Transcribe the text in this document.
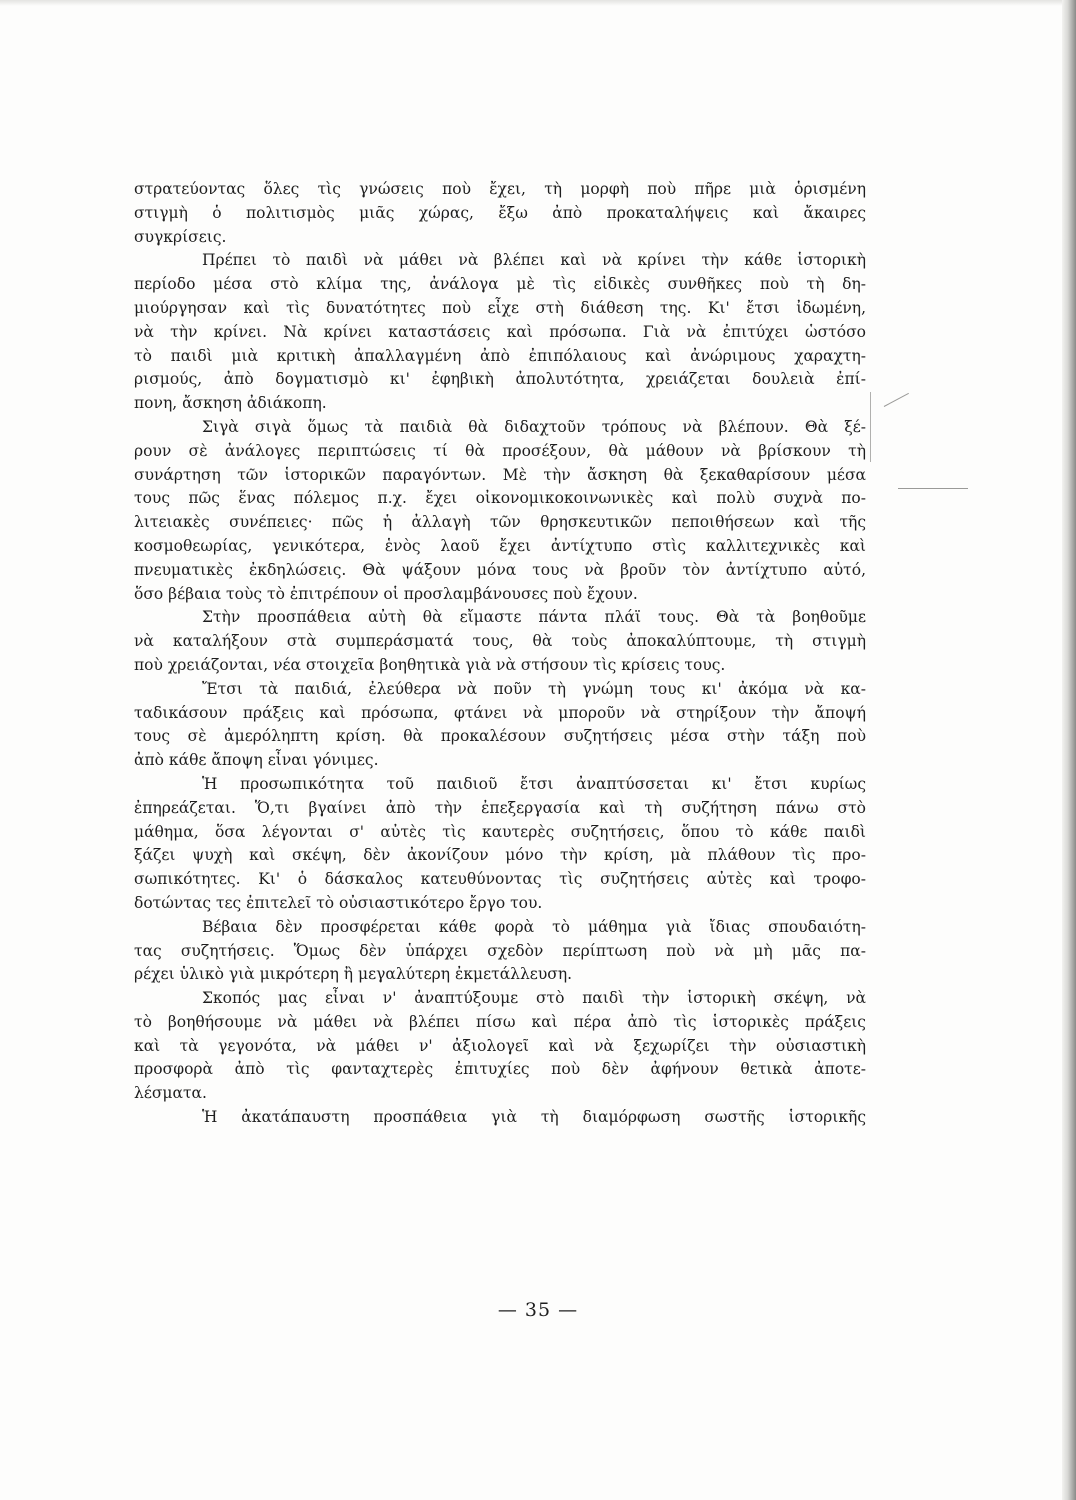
στρατεύοντας ὅλες τὶς γνώσεις ποὺ ἔχει, τὴ μορφὴ ποὺ πῆρε μιὰ ὁρισμένη
στιγμὴ ὁ πολιτισμὸς μιᾶς χώρας, ἔξω ἀπὸ προκαταλήψεις καὶ ἄκαιρες
συγκρίσεις.
Πρέπει τὸ παιδὶ νὰ μάθει νὰ βλέπει καὶ νὰ κρίνει τὴν κάθε ἱστορικὴ
περίοδο μέσα στὸ κλίμα της, ἀνάλογα μὲ τὶς εἰδικὲς συνθῆκες ποὺ τὴ δη-
μιούργησαν καὶ τὶς δυνατότητες ποὺ εἶχε στὴ διάθεση της. Κι' ἔτσι ἰδωμένη,
νὰ τὴν κρίνει. Νὰ κρίνει καταστάσεις καὶ πρόσωπα. Γιὰ νὰ ἐπιτύχει ὡστόσο
τὸ παιδὶ μιὰ κριτικὴ ἀπαλλαγμένη ἀπὸ ἐπιπόλαιους καὶ ἀνώριμους χαραχτη-
ρισμούς, ἀπὸ δογματισμὸ κι' ἐφηβικὴ ἀπολυτότητα, χρειάζεται δουλειὰ ἐπί-
πονη, ἄσκηση ἀδιάκοπη.
Σιγὰ σιγὰ ὅμως τὰ παιδιὰ θὰ διδαχτοῦν τρόπους νὰ βλέπουν. Θὰ ξέ-
ρουν σὲ ἀνάλογες περιπτώσεις τί θὰ προσέξουν, θὰ μάθουν νὰ βρίσκουν τὴ
συνάρτηση τῶν ἱστορικῶν παραγόντων. Μὲ τὴν ἄσκηση θὰ ξεκαθαρίσουν μέσα
τους πῶς ἕνας πόλεμος π.χ. ἔχει οἰκονομικοκοινωνικὲς καὶ πολὺ συχνὰ πο-
λιτειακὲς συνέπειες· πῶς ἡ ἀλλαγὴ τῶν θρησκευτικῶν πεποιθήσεων καὶ τῆς
κοσμοθεωρίας, γενικότερα, ἑνὸς λαοῦ ἔχει ἀντίχτυπο στὶς καλλιτεχνικὲς καὶ
πνευματικὲς ἐκδηλώσεις. Θὰ ψάξουν μόνα τους νὰ βροῦν τὸν ἀντίχτυπο αὐτό,
ὅσο βέβαια τοὺς τὸ ἐπιτρέπουν οἱ προσλαμβάνουσες ποὺ ἔχουν.
Στὴν προσπάθεια αὐτὴ θὰ εἴμαστε πάντα πλάϊ τους. Θὰ τὰ βοηθοῦμε
νὰ καταλήξουν στὰ συμπεράσματά τους, θὰ τοὺς ἀποκαλύπτουμε, τὴ στιγμὴ
ποὺ χρειάζονται, νέα στοιχεῖα βοηθητικὰ γιὰ νὰ στήσουν τὶς κρίσεις τους.
Ἔτσι τὰ παιδιά, ἐλεύθερα νὰ ποῦν τὴ γνώμη τους κι' ἀκόμα νὰ κα-
ταδικάσουν πράξεις καὶ πρόσωπα, φτάνει νὰ μποροῦν νὰ στηρίξουν τὴν ἄποψή
τους σὲ ἀμερόληπτη κρίση. θὰ προκαλέσουν συζητήσεις μέσα στὴν τάξη ποὺ
ἀπὸ κάθε ἄποψη εἶναι γόνιμες.
Ἡ προσωπικότητα τοῦ παιδιοῦ ἔτσι ἀναπτύσσεται κι' ἔτσι κυρίως
ἐπηρεάζεται. Ὅ,τι βγαίνει ἀπὸ τὴν ἐπεξεργασία καὶ τὴ συζήτηση πάνω στὸ
μάθημα, ὅσα λέγονται σ' αὐτὲς τὶς καυτερὲς συζητήσεις, ὅπου τὸ κάθε παιδὶ
ξάζει ψυχὴ καὶ σκέψη, δὲν ἀκονίζουν μόνο τὴν κρίση, μὰ πλάθουν τὶς προ-
σωπικότητες. Κι' ὁ δάσκαλος κατευθύνοντας τὶς συζητήσεις αὐτὲς καὶ τροφο-
δοτώντας τες ἐπιτελεῖ τὸ οὐσιαστικότερο ἔργο του.
Βέβαια δὲν προσφέρεται κάθε φορὰ τὸ μάθημα γιὰ ἴδιας σπουδαιότη-
τας συζητήσεις. Ὅμως δὲν ὑπάρχει σχεδὸν περίπτωση ποὺ νὰ μὴ μᾶς πα-
ρέχει ὑλικὸ γιὰ μικρότερη ἢ μεγαλύτερη ἐκμετάλλευση.
Σκοπός μας εἶναι ν' ἀναπτύξουμε στὸ παιδὶ τὴν ἱστορικὴ σκέψη, νὰ
τὸ βοηθήσουμε νὰ μάθει νὰ βλέπει πίσω καὶ πέρα ἀπὸ τὶς ἱστορικὲς πράξεις
καὶ τὰ γεγονότα, νὰ μάθει ν' ἀξιολογεῖ καὶ νὰ ξεχωρίζει τὴν οὐσιαστικὴ
προσφορὰ ἀπὸ τὶς φανταχτερὲς ἐπιτυχίες ποὺ δὲν ἀφήνουν θετικὰ ἀποτε-
λέσματα.
Ἡ ἀκατάπαυστη προσπάθεια γιὰ τὴ διαμόρφωση σωστῆς ἱστορικῆς
— 35 —
